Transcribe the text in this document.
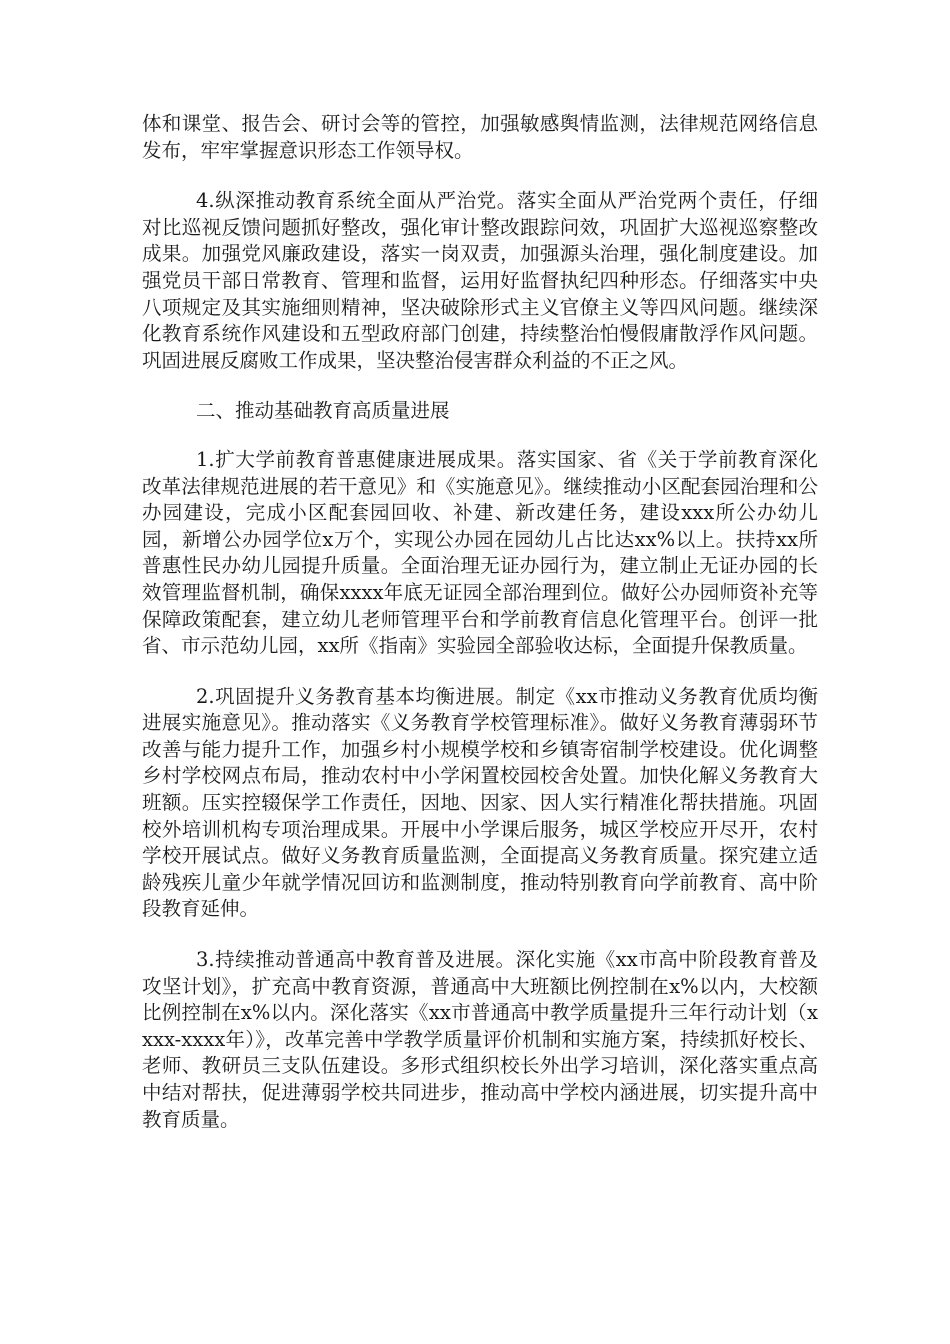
体和课堂、报告会、研讨会等的管控，加强敏感舆情监测，法律规范网络信息发布，牢牢掌握意识形态工作领导权。

4.纵深推动教育系统全面从严治党。落实全面从严治党两个责任，仔细对比巡视反馈问题抓好整改，强化审计整改跟踪问效，巩固扩大巡视巡察整改成果。加强党风廉政建设，落实一岗双责，加强源头治理，强化制度建设。加强党员干部日常教育、管理和监督，运用好监督执纪四种形态。仔细落实中央八项规定及其实施细则精神，坚决破除形式主义官僚主义等四风问题。继续深化教育系统作风建设和五型政府部门创建，持续整治怕慢假庸散浮作风问题。巩固进展反腐败工作成果，坚决整治侵害群众利益的不正之风。

二、推动基础教育高质量进展

1.扩大学前教育普惠健康进展成果。落实国家、省《关于学前教育深化改革法律规范进展的若干意见》和《实施意见》。继续推动小区配套园治理和公办园建设，完成小区配套园回收、补建、新改建任务，建设xxx所公办幼儿园，新增公办园学位x万个，实现公办园在园幼儿占比达xx%以上。扶持xx所普惠性民办幼儿园提升质量。全面治理无证办园行为，建立制止无证办园的长效管理监督机制，确保xxxx年底无证园全部治理到位。做好公办园师资补充等保障政策配套，建立幼儿老师管理平台和学前教育信息化管理平台。创评一批省、市示范幼儿园，xx所《指南》实验园全部验收达标，全面提升保教质量。

2.巩固提升义务教育基本均衡进展。制定《xx市推动义务教育优质均衡进展实施意见》。推动落实《义务教育学校管理标准》。做好义务教育薄弱环节改善与能力提升工作，加强乡村小规模学校和乡镇寄宿制学校建设。优化调整乡村学校网点布局，推动农村中小学闲置校园校舍处置。加快化解义务教育大班额。压实控辍保学工作责任，因地、因家、因人实行精准化帮扶措施。巩固校外培训机构专项治理成果。开展中小学课后服务，城区学校应开尽开，农村学校开展试点。做好义务教育质量监测，全面提高义务教育质量。探究建立适龄残疾儿童少年就学情况回访和监测制度，推动特别教育向学前教育、高中阶段教育延伸。

3.持续推动普通高中教育普及进展。深化实施《xx市高中阶段教育普及攻坚计划》，扩充高中教育资源，普通高中大班额比例控制在x%以内，大校额比例控制在x%以内。深化落实《xx市普通高中教学质量提升三年行动计划（xxxx-xxxx年）》，改革完善中学教学质量评价机制和实施方案，持续抓好校长、老师、教研员三支队伍建设。多形式组织校长外出学习培训，深化落实重点高中结对帮扶，促进薄弱学校共同进步，推动高中学校内涵进展，切实提升高中教育质量。
